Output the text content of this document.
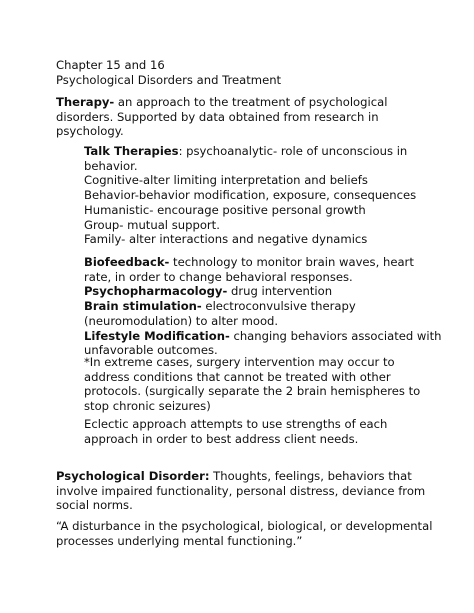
Chapter 15 and 16
Psychological Disorders and Treatment
Therapy- an approach to the treatment of psychological
disorders. Supported by data obtained from research in
psychology.
Talk Therapies: psychoanalytic- role of unconscious in
behavior.
Cognitive-alter limiting interpretation and beliefs
Behavior-behavior modification, exposure, consequences
Humanistic- encourage positive personal growth
Group- mutual support.
Family- alter interactions and negative dynamics
Biofeedback- technology to monitor brain waves, heart
rate, in order to change behavioral responses.
Psychopharmacology- drug intervention
Brain stimulation- electroconvulsive therapy
(neuromodulation) to alter mood.
Lifestyle Modification- changing behaviors associated with
unfavorable outcomes.
*In extreme cases, surgery intervention may occur to
address conditions that cannot be treated with other
protocols. (surgically separate the 2 brain hemispheres to
stop chronic seizures)
Eclectic approach attempts to use strengths of each
approach in order to best address client needs.
Psychological Disorder: Thoughts, feelings, behaviors that
involve impaired functionality, personal distress, deviance from
social norms.
“A disturbance in the psychological, biological, or developmental
processes underlying mental functioning.”
